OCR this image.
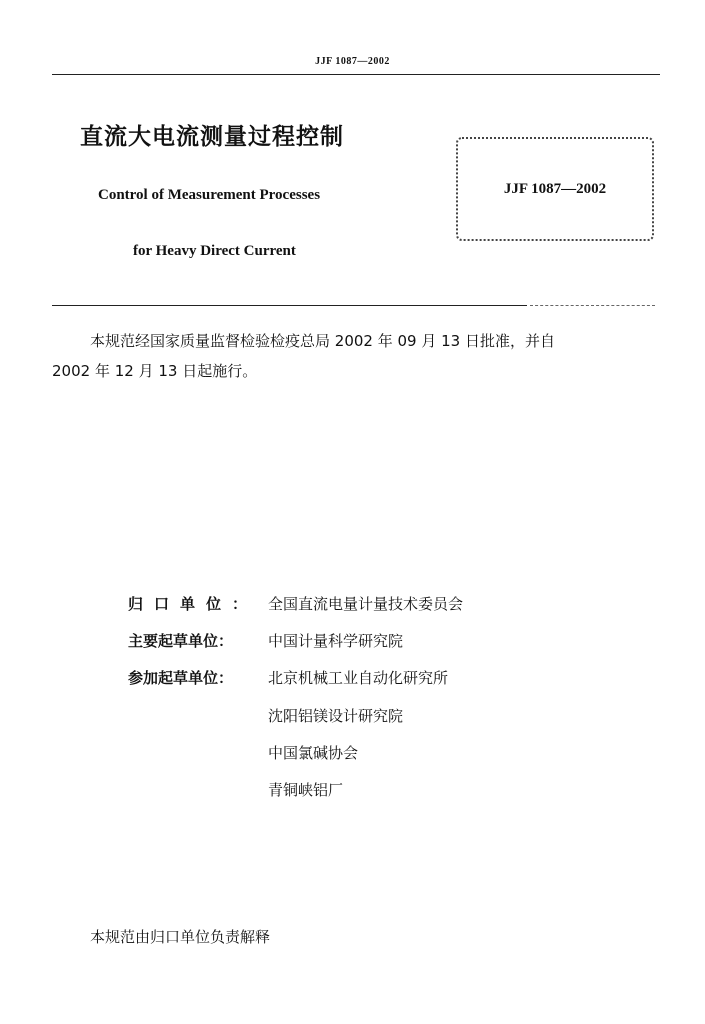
JJF 1087—2002
直流大电流测量过程控制
Control of Measurement Processes
for Heavy Direct Current
JJF 1087—2002
本规范经国家质量监督检验检疫总局 2002 年 09 月 13 日批准，并自
2002 年 12 月 13 日起施行。
归口单位： 全国直流电量计量技术委员会
主要起草单位： 中国计量科学研究院
参加起草单位： 北京机械工业自动化研究所
沈阳铝镁设计研究院
中国氯碱协会
青铜峡铝厂
本规范由归口单位负责解释
